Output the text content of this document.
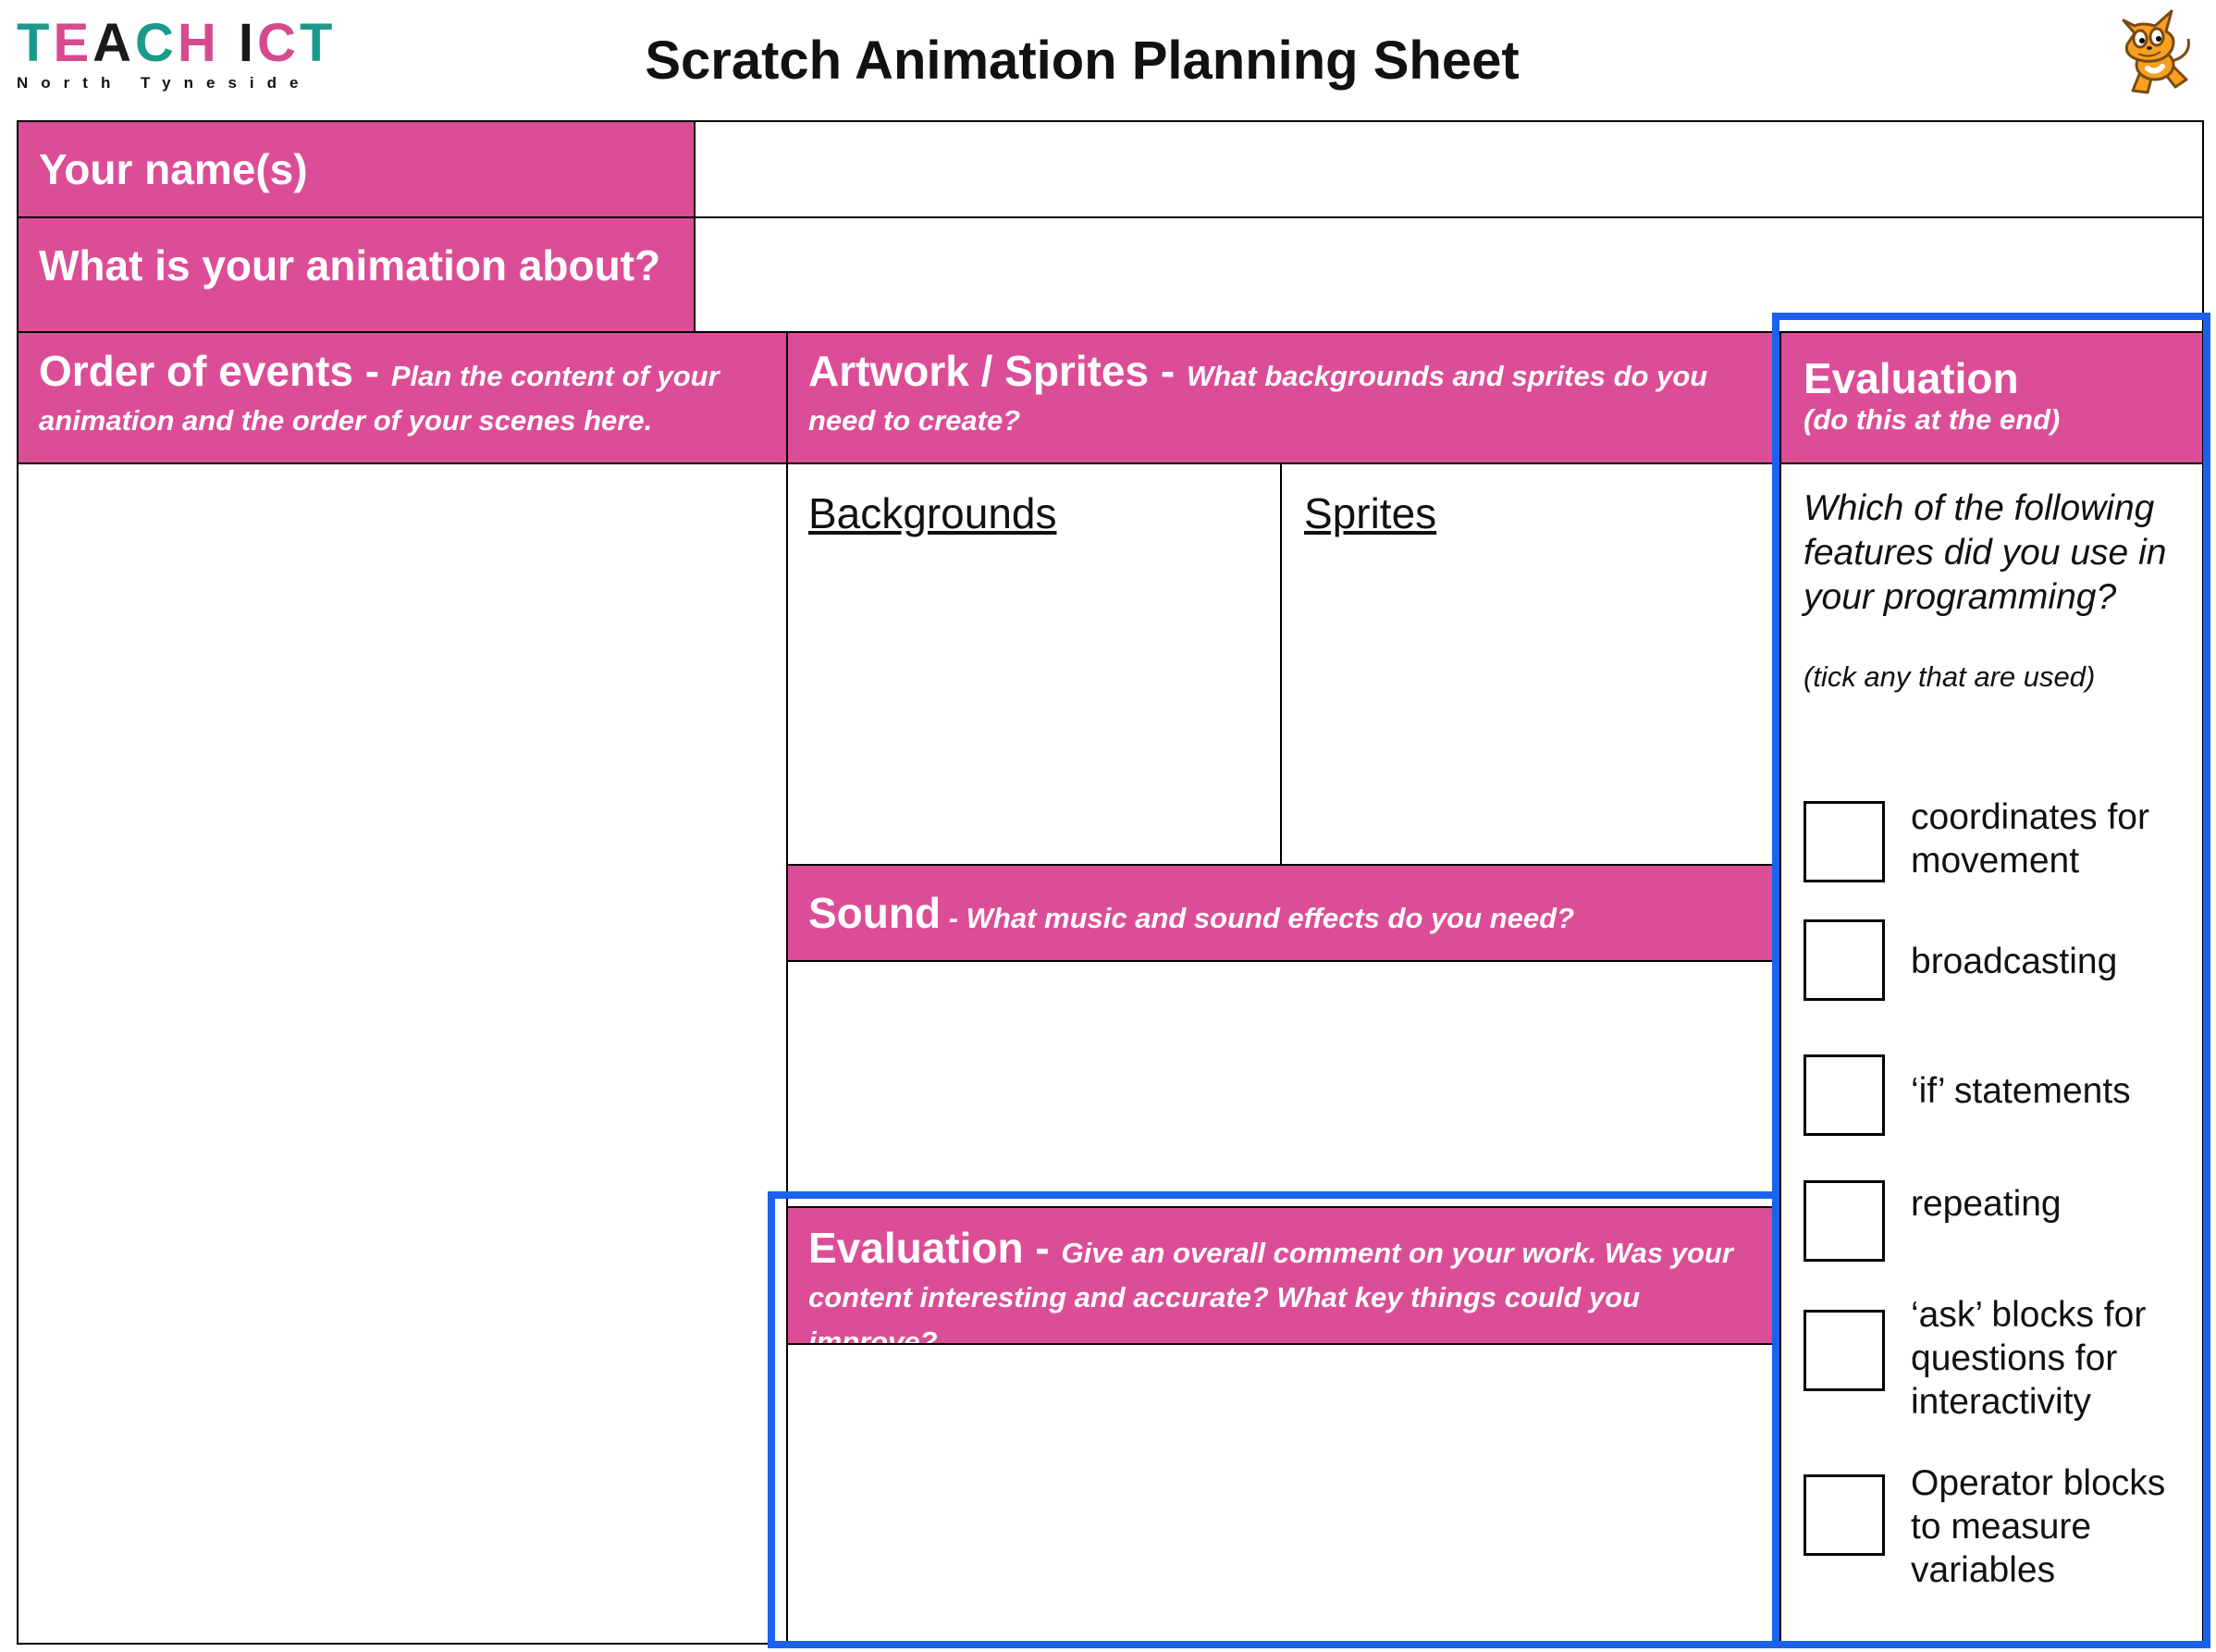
TEACH ICT
North Tyneside	Scratch Animation Planning Sheet
Your name(s)
What is your animation about?
Order of events - Plan the content of your animation and the order of your scenes here.
Artwork / Sprites - What backgrounds and sprites do you need to create?
Backgrounds	Sprites
Sound - What music and sound effects do you need?
Evaluation - Give an overall comment on your work. Was your content interesting and accurate? What key things could you improve?
Evaluation
(do this at the end)
Which of the following features did you use in your programming?
(tick any that are used)
coordinates for movement
broadcasting
‘if’ statements
repeating
‘ask’ blocks for questions for interactivity
Operator blocks to measure variables
